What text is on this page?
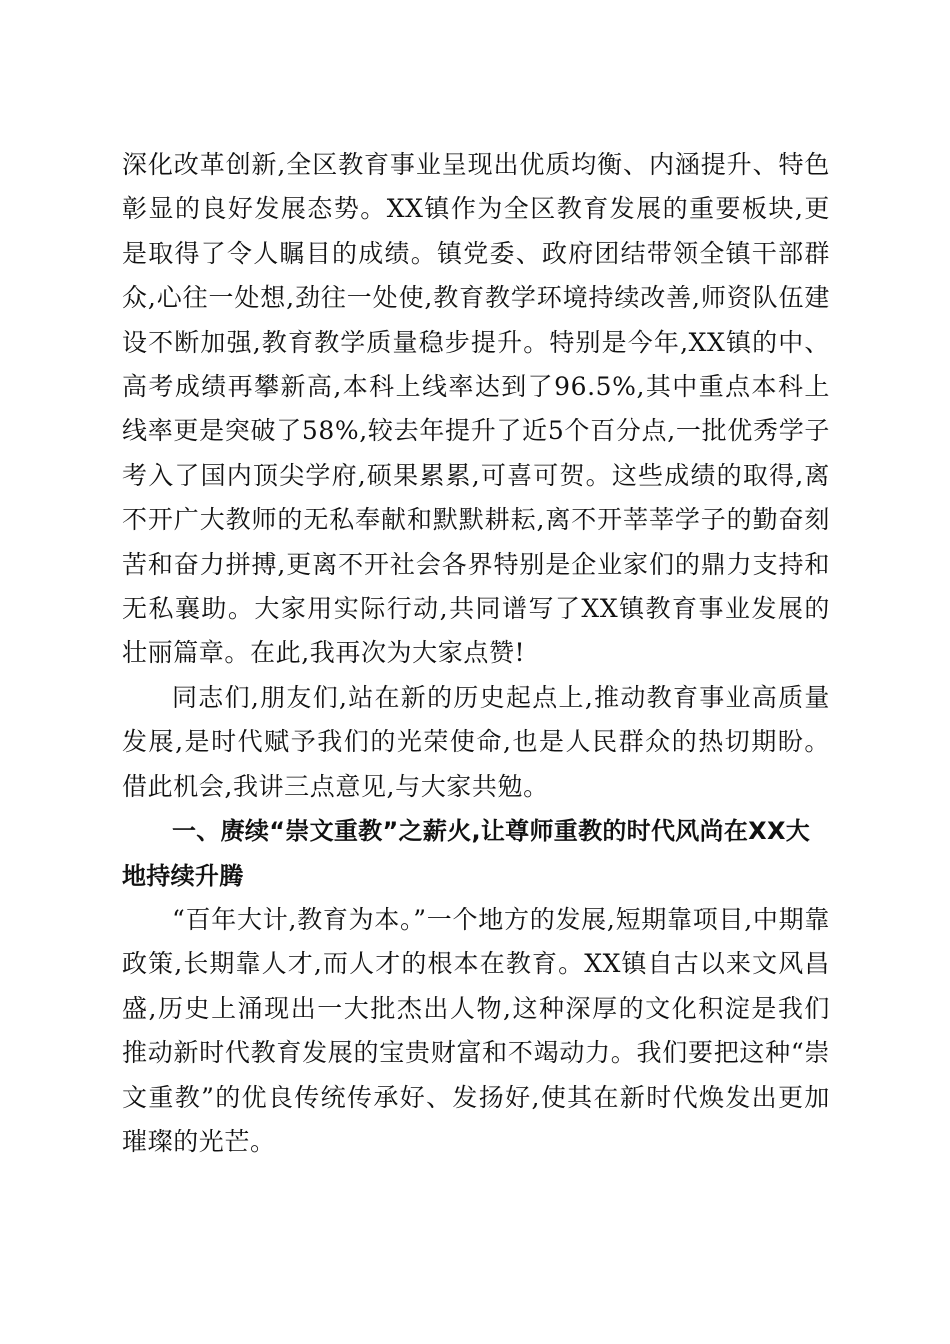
深化改革创新,全区教育事业呈现出优质均衡、内涵提升、特色彰显的良好发展态势。XX镇作为全区教育发展的重要板块,更是取得了令人瞩目的成绩。镇党委、政府团结带领全镇干部群众,心往一处想,劲往一处使,教育教学环境持续改善,师资队伍建设不断加强,教育教学质量稳步提升。特别是今年,XX镇的中、高考成绩再攀新高,本科上线率达到了96.5%,其中重点本科上线率更是突破了58%,较去年提升了近5个百分点,一批优秀学子考入了国内顶尖学府,硕果累累,可喜可贺。这些成绩的取得,离不开广大教师的无私奉献和默默耕耘,离不开莘莘学子的勤奋刻苦和奋力拼搏,更离不开社会各界特别是企业家们的鼎力支持和无私襄助。大家用实际行动,共同谱写了XX镇教育事业发展的壮丽篇章。在此,我再次为大家点赞!

同志们,朋友们,站在新的历史起点上,推动教育事业高质量发展,是时代赋予我们的光荣使命,也是人民群众的热切期盼。借此机会,我讲三点意见,与大家共勉。

一、赓续“崇文重教”之薪火,让尊师重教的时代风尚在XX大地持续升腾

“百年大计,教育为本。”一个地方的发展,短期靠项目,中期靠政策,长期靠人才,而人才的根本在教育。XX镇自古以来文风昌盛,历史上涌现出一大批杰出人物,这种深厚的文化积淀是我们推动新时代教育发展的宝贵财富和不竭动力。我们要把这种“崇文重教”的优良传统传承好、发扬好,使其在新时代焕发出更加璀璨的光芒。
